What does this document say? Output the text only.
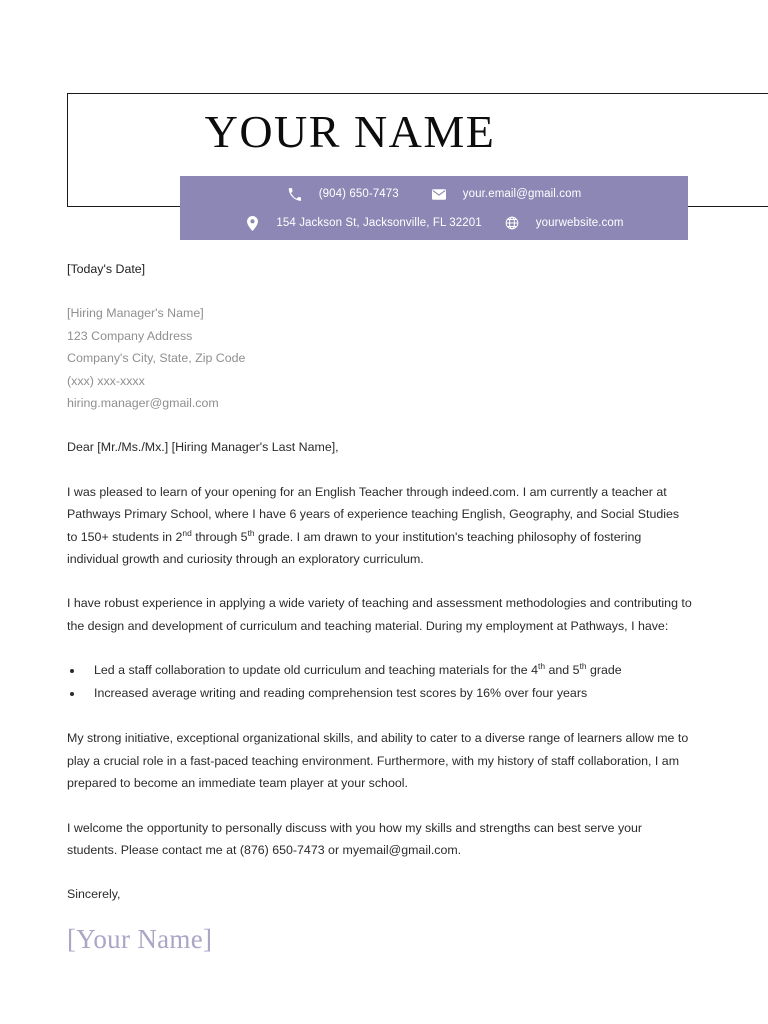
YOUR NAME
(904) 650-7473	your.email@gmail.com
154 Jackson St, Jacksonville, FL 32201	yourwebsite.com
[Today's Date]
[Hiring Manager's Name]
123 Company Address
Company's City, State, Zip Code
(xxx) xxx-xxxx
hiring.manager@gmail.com
Dear [Mr./Ms./Mx.] [Hiring Manager's Last Name],
I was pleased to learn of your opening for an English Teacher through indeed.com. I am currently a teacher at Pathways Primary School, where I have 6 years of experience teaching English, Geography, and Social Studies to 150+ students in 2nd through 5th grade. I am drawn to your institution's teaching philosophy of fostering individual growth and curiosity through an exploratory curriculum.
I have robust experience in applying a wide variety of teaching and assessment methodologies and contributing to the design and development of curriculum and teaching material. During my employment at Pathways, I have:
Led a staff collaboration to update old curriculum and teaching materials for the 4th and 5th grade
Increased average writing and reading comprehension test scores by 16% over four years
My strong initiative, exceptional organizational skills, and ability to cater to a diverse range of learners allow me to play a crucial role in a fast-paced teaching environment. Furthermore, with my history of staff collaboration, I am prepared to become an immediate team player at your school.
I welcome the opportunity to personally discuss with you how my skills and strengths can best serve your students. Please contact me at (876) 650-7473 or myemail@gmail.com.
Sincerely,
[Your Name]
